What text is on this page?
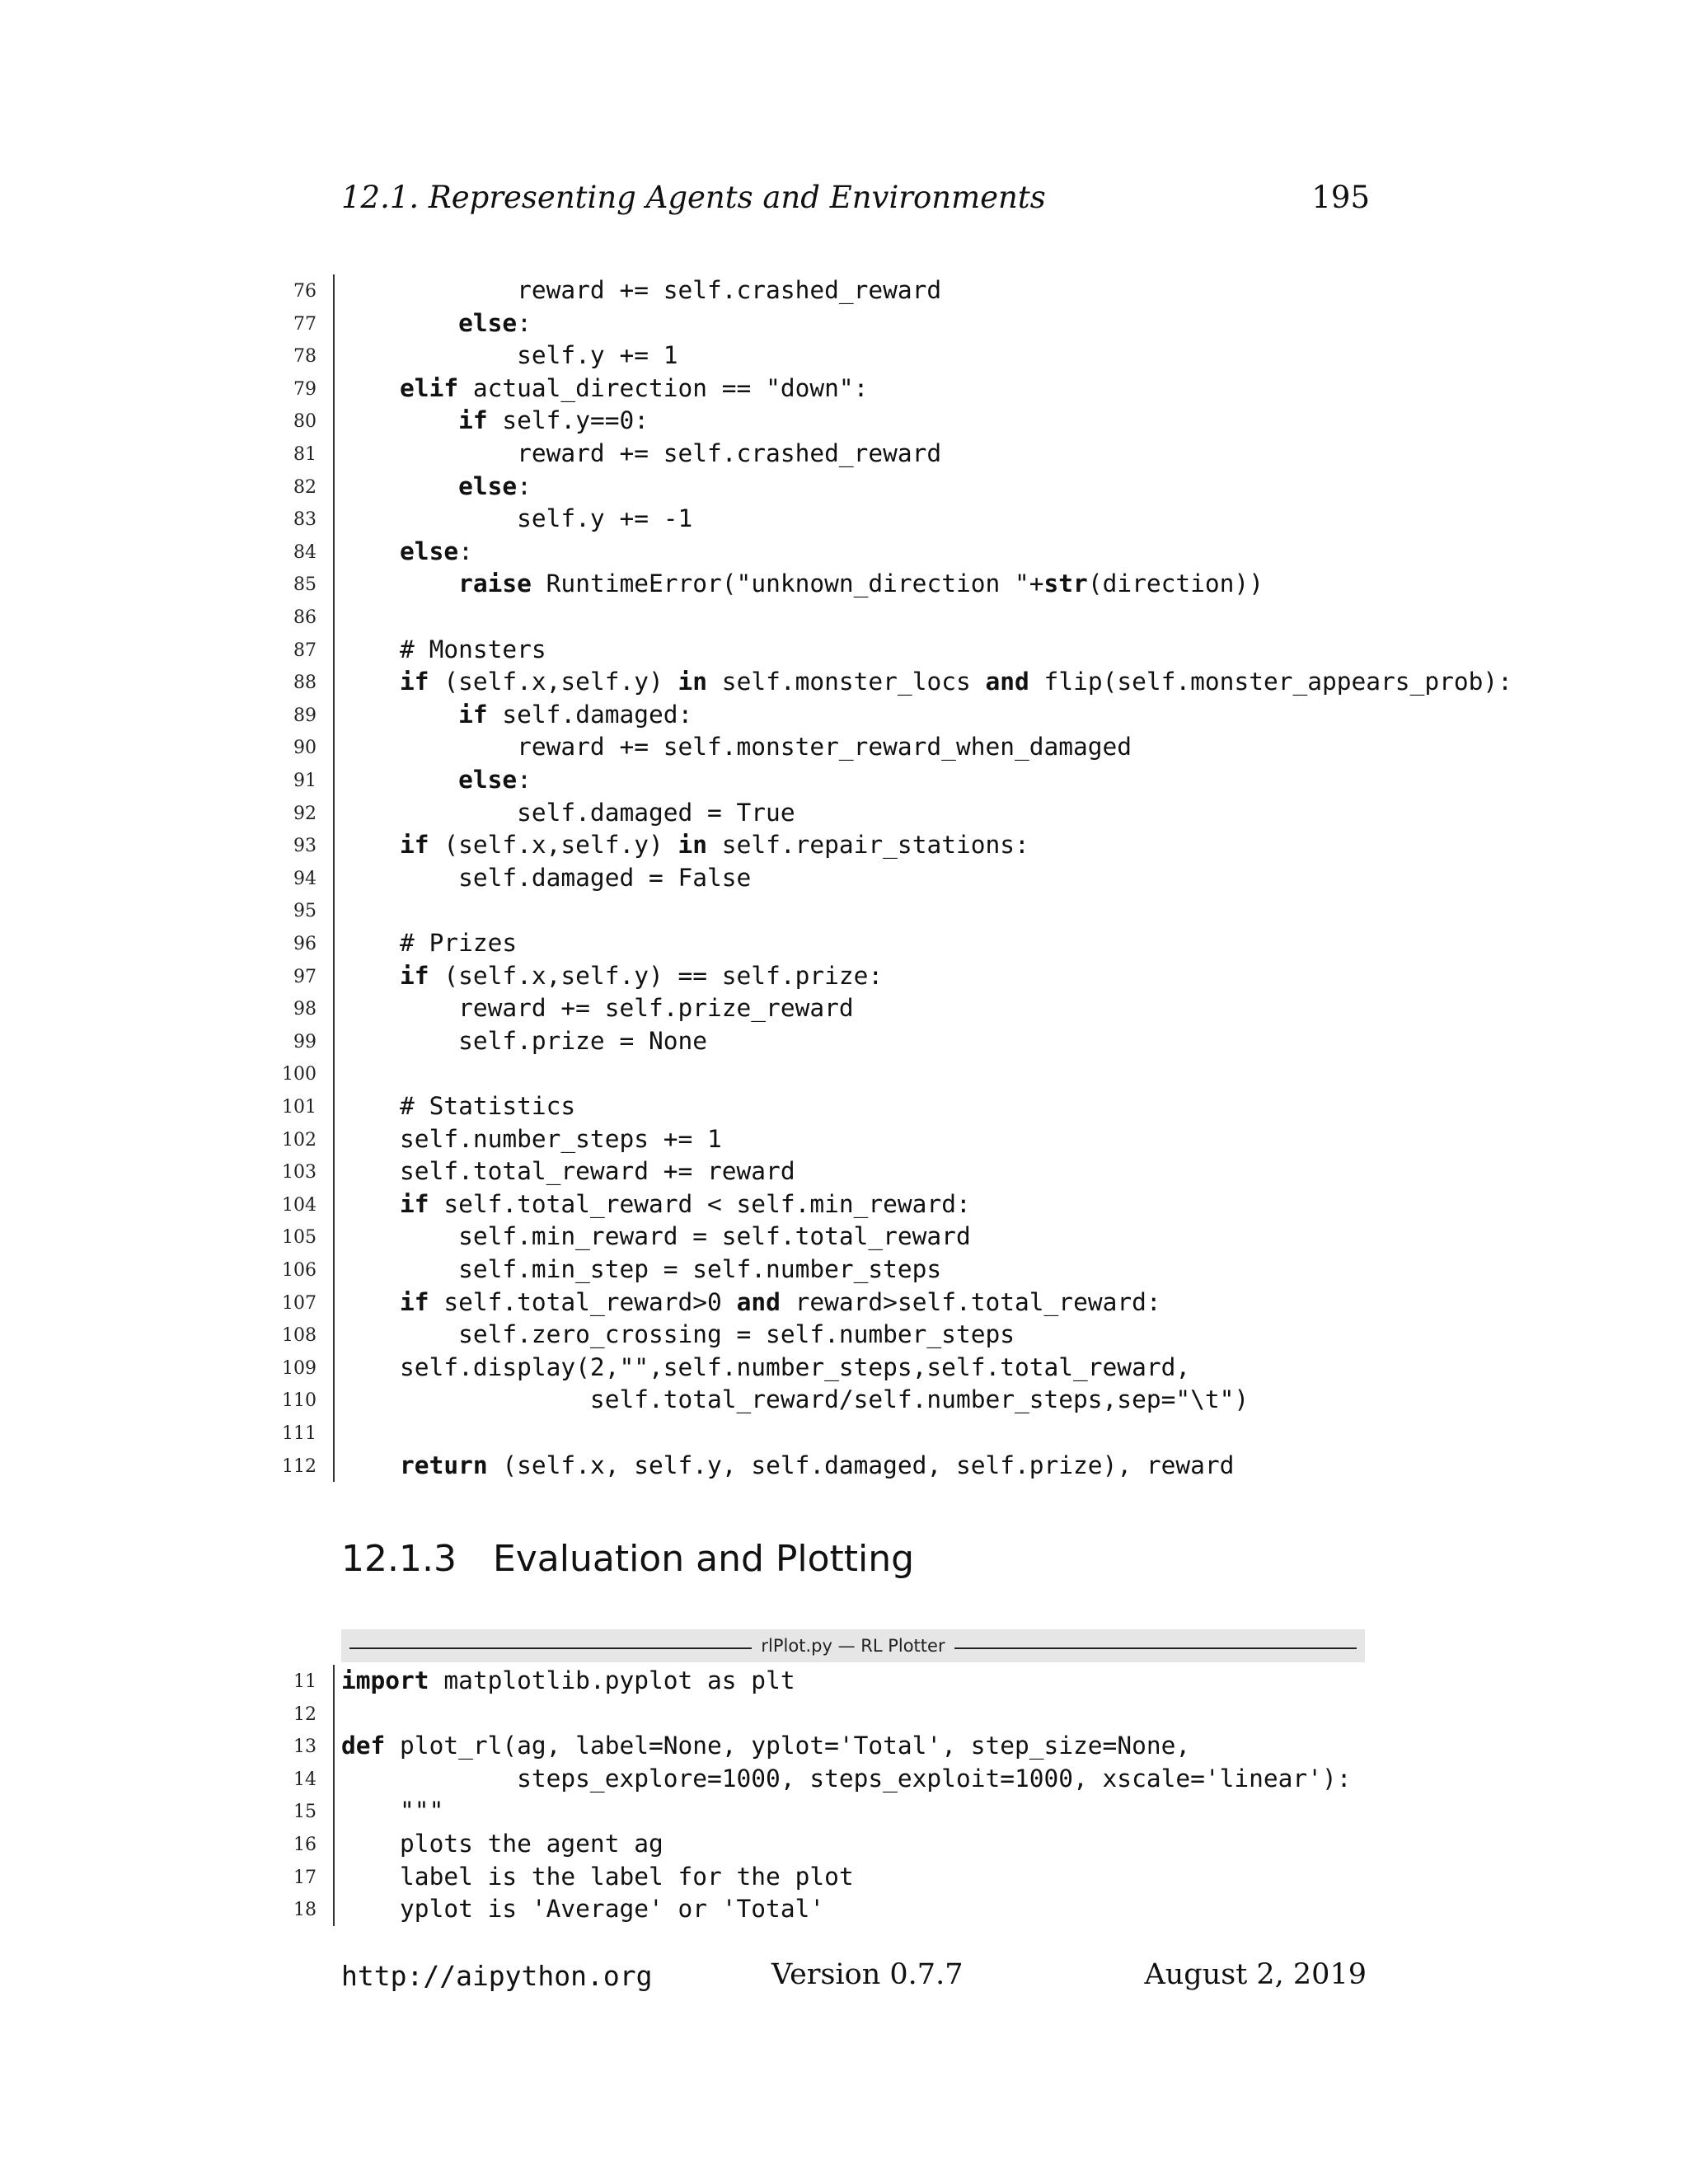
12.1. Representing Agents and Environments	195
76 reward += self.crashed_reward
77	else:
78 self.y += 1
79	elif actual_direction == "down":
80	if self.y==0:
81 reward += self.crashed_reward
82	else:
83 self.y += -1
84	else:
85	raise RuntimeError("unknown_direction "+str(direction))
86
87 # Monsters
88	if (self.x,self.y) in self.monster_locs and flip(self.monster_appears_prob):
89	if self.damaged:
90 reward += self.monster_reward_when_damaged
91	else:
92 self.damaged = True
93	if (self.x,self.y) in self.repair_stations:
94 self.damaged = False
95
96 # Prizes
97	if (self.x,self.y) == self.prize:
98 reward += self.prize_reward
99 self.prize = None
100
101 # Statistics
102 self.number_steps += 1
103 self.total_reward += reward
104	if self.total_reward < self.min_reward:
105 self.min_reward = self.total_reward
106 self.min_step = self.number_steps
107	if self.total_reward>0 and reward>self.total_reward:
108 self.zero_crossing = self.number_steps
109 self.display(2,"",self.number_steps,self.total_reward,
110 self.total_reward/self.number_steps,sep="\t")
111
112	return (self.x, self.y, self.damaged, self.prize), reward
12.1.3 Evaluation and Plotting
rlPlot.py — RL Plotter
11 import matplotlib.pyplot as plt
12
13 def plot_rl(ag, label=None, yplot='Total', step_size=None,
14 steps_explore=1000, steps_exploit=1000, xscale='linear'):
15 """
16 plots the agent ag
17 label is the label for the plot
18 yplot is 'Average' or 'Total'
http://aipython.org	Version 0.7.7	August 2, 2019
